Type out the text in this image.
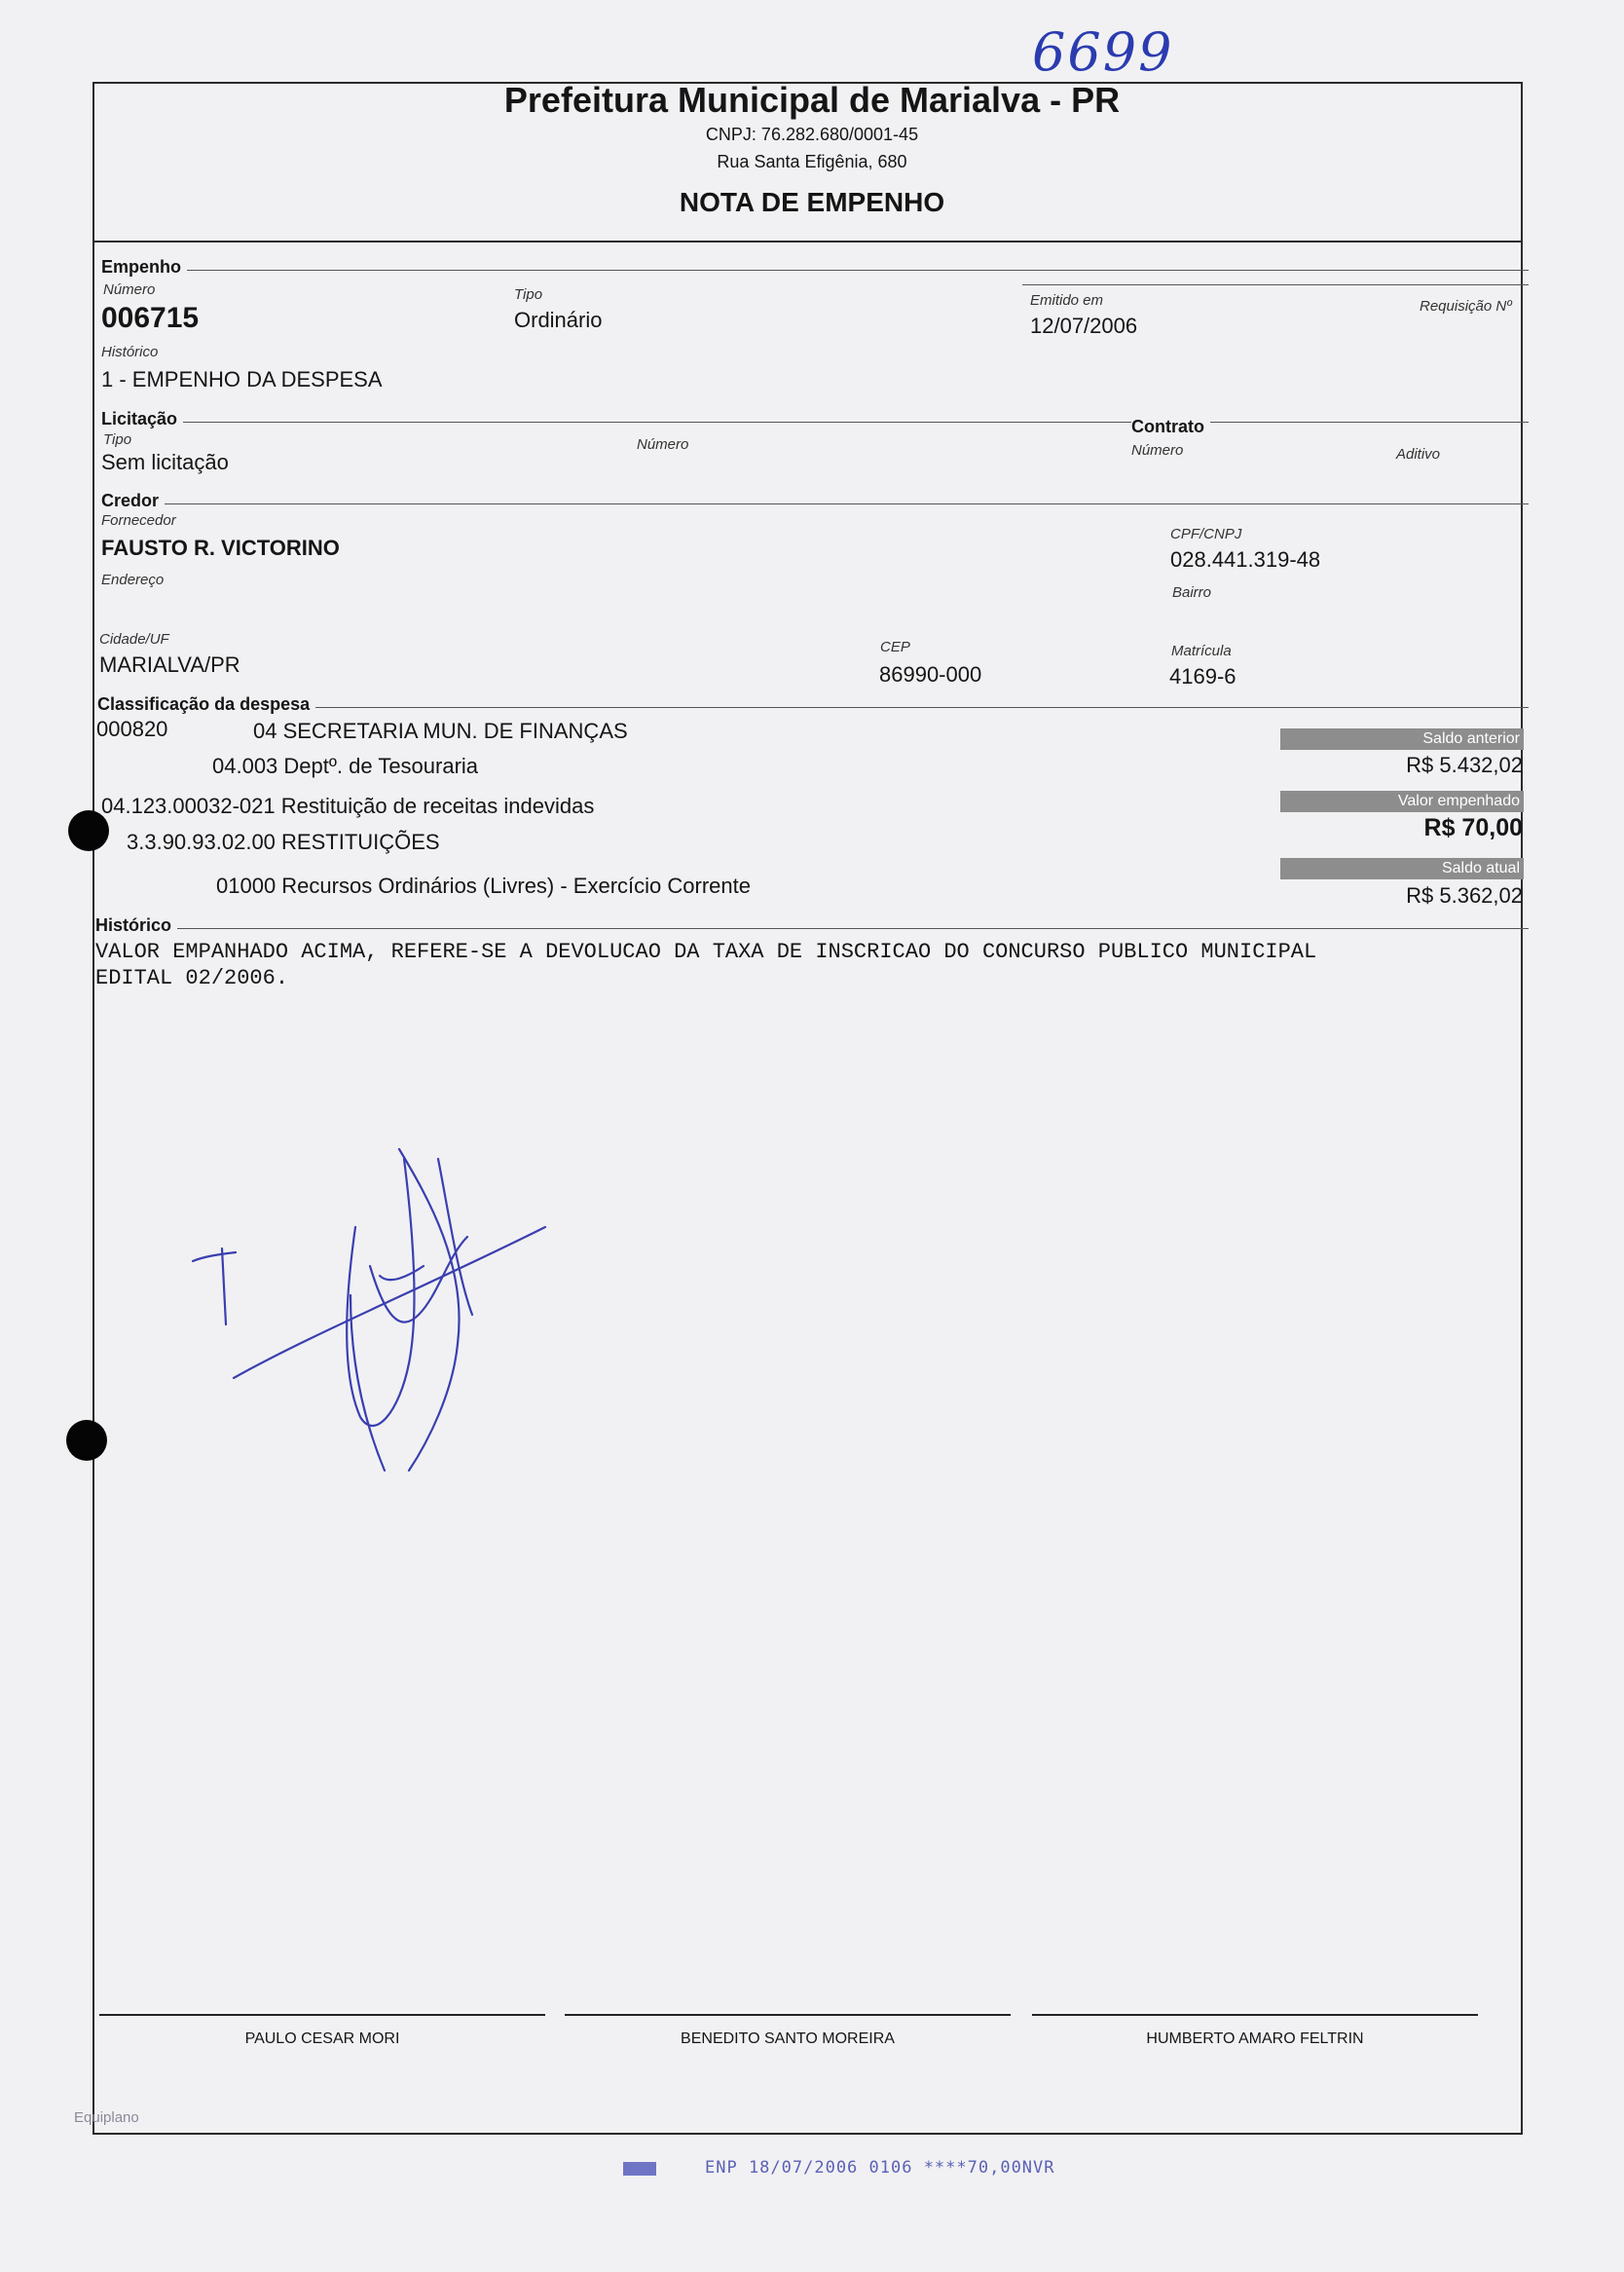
6699
Prefeitura Municipal de Marialva - PR
CNPJ: 76.282.680/0001-45
Rua Santa Efigênia, 680
NOTA DE EMPENHO
Empenho
Número
006715
Tipo
Ordinário
Emitido em
12/07/2006
Requisição Nº
Histórico
1 - EMPENHO DA DESPESA
Licitação
Tipo
Sem licitação
Número
Contrato
Número	Aditivo
Credor
Fornecedor
FAUSTO R. VICTORINO
CPF/CNPJ
028.441.319-48
Endereço
Bairro
Cidade/UF
MARIALVA/PR
CEP
86990-000
Matrícula
4169-6
Classificação da despesa
000820	04 SECRETARIA MUN. DE FINANÇAS
04.003 Deptº. de Tesouraria
04.123.00032-021 Restituição de receitas indevidas
3.3.90.93.02.00 RESTITUIÇÕES
01000 Recursos Ordinários (Livres) - Exercício Corrente
Saldo anterior
R$ 5.432,02
Valor empenhado
R$ 70,00
Saldo atual
R$ 5.362,02
Histórico
VALOR EMPANHADO ACIMA, REFERE-SE A DEVOLUCAO DA TAXA DE INSCRICAO DO CONCURSO PUBLICO MUNICIPAL
EDITAL 02/2006.
PAULO CESAR MORI	BENEDITO SANTO MOREIRA	HUMBERTO AMARO FELTRIN
Equiplano
ENP 18/07/2006 0106 ****70,00NVR
